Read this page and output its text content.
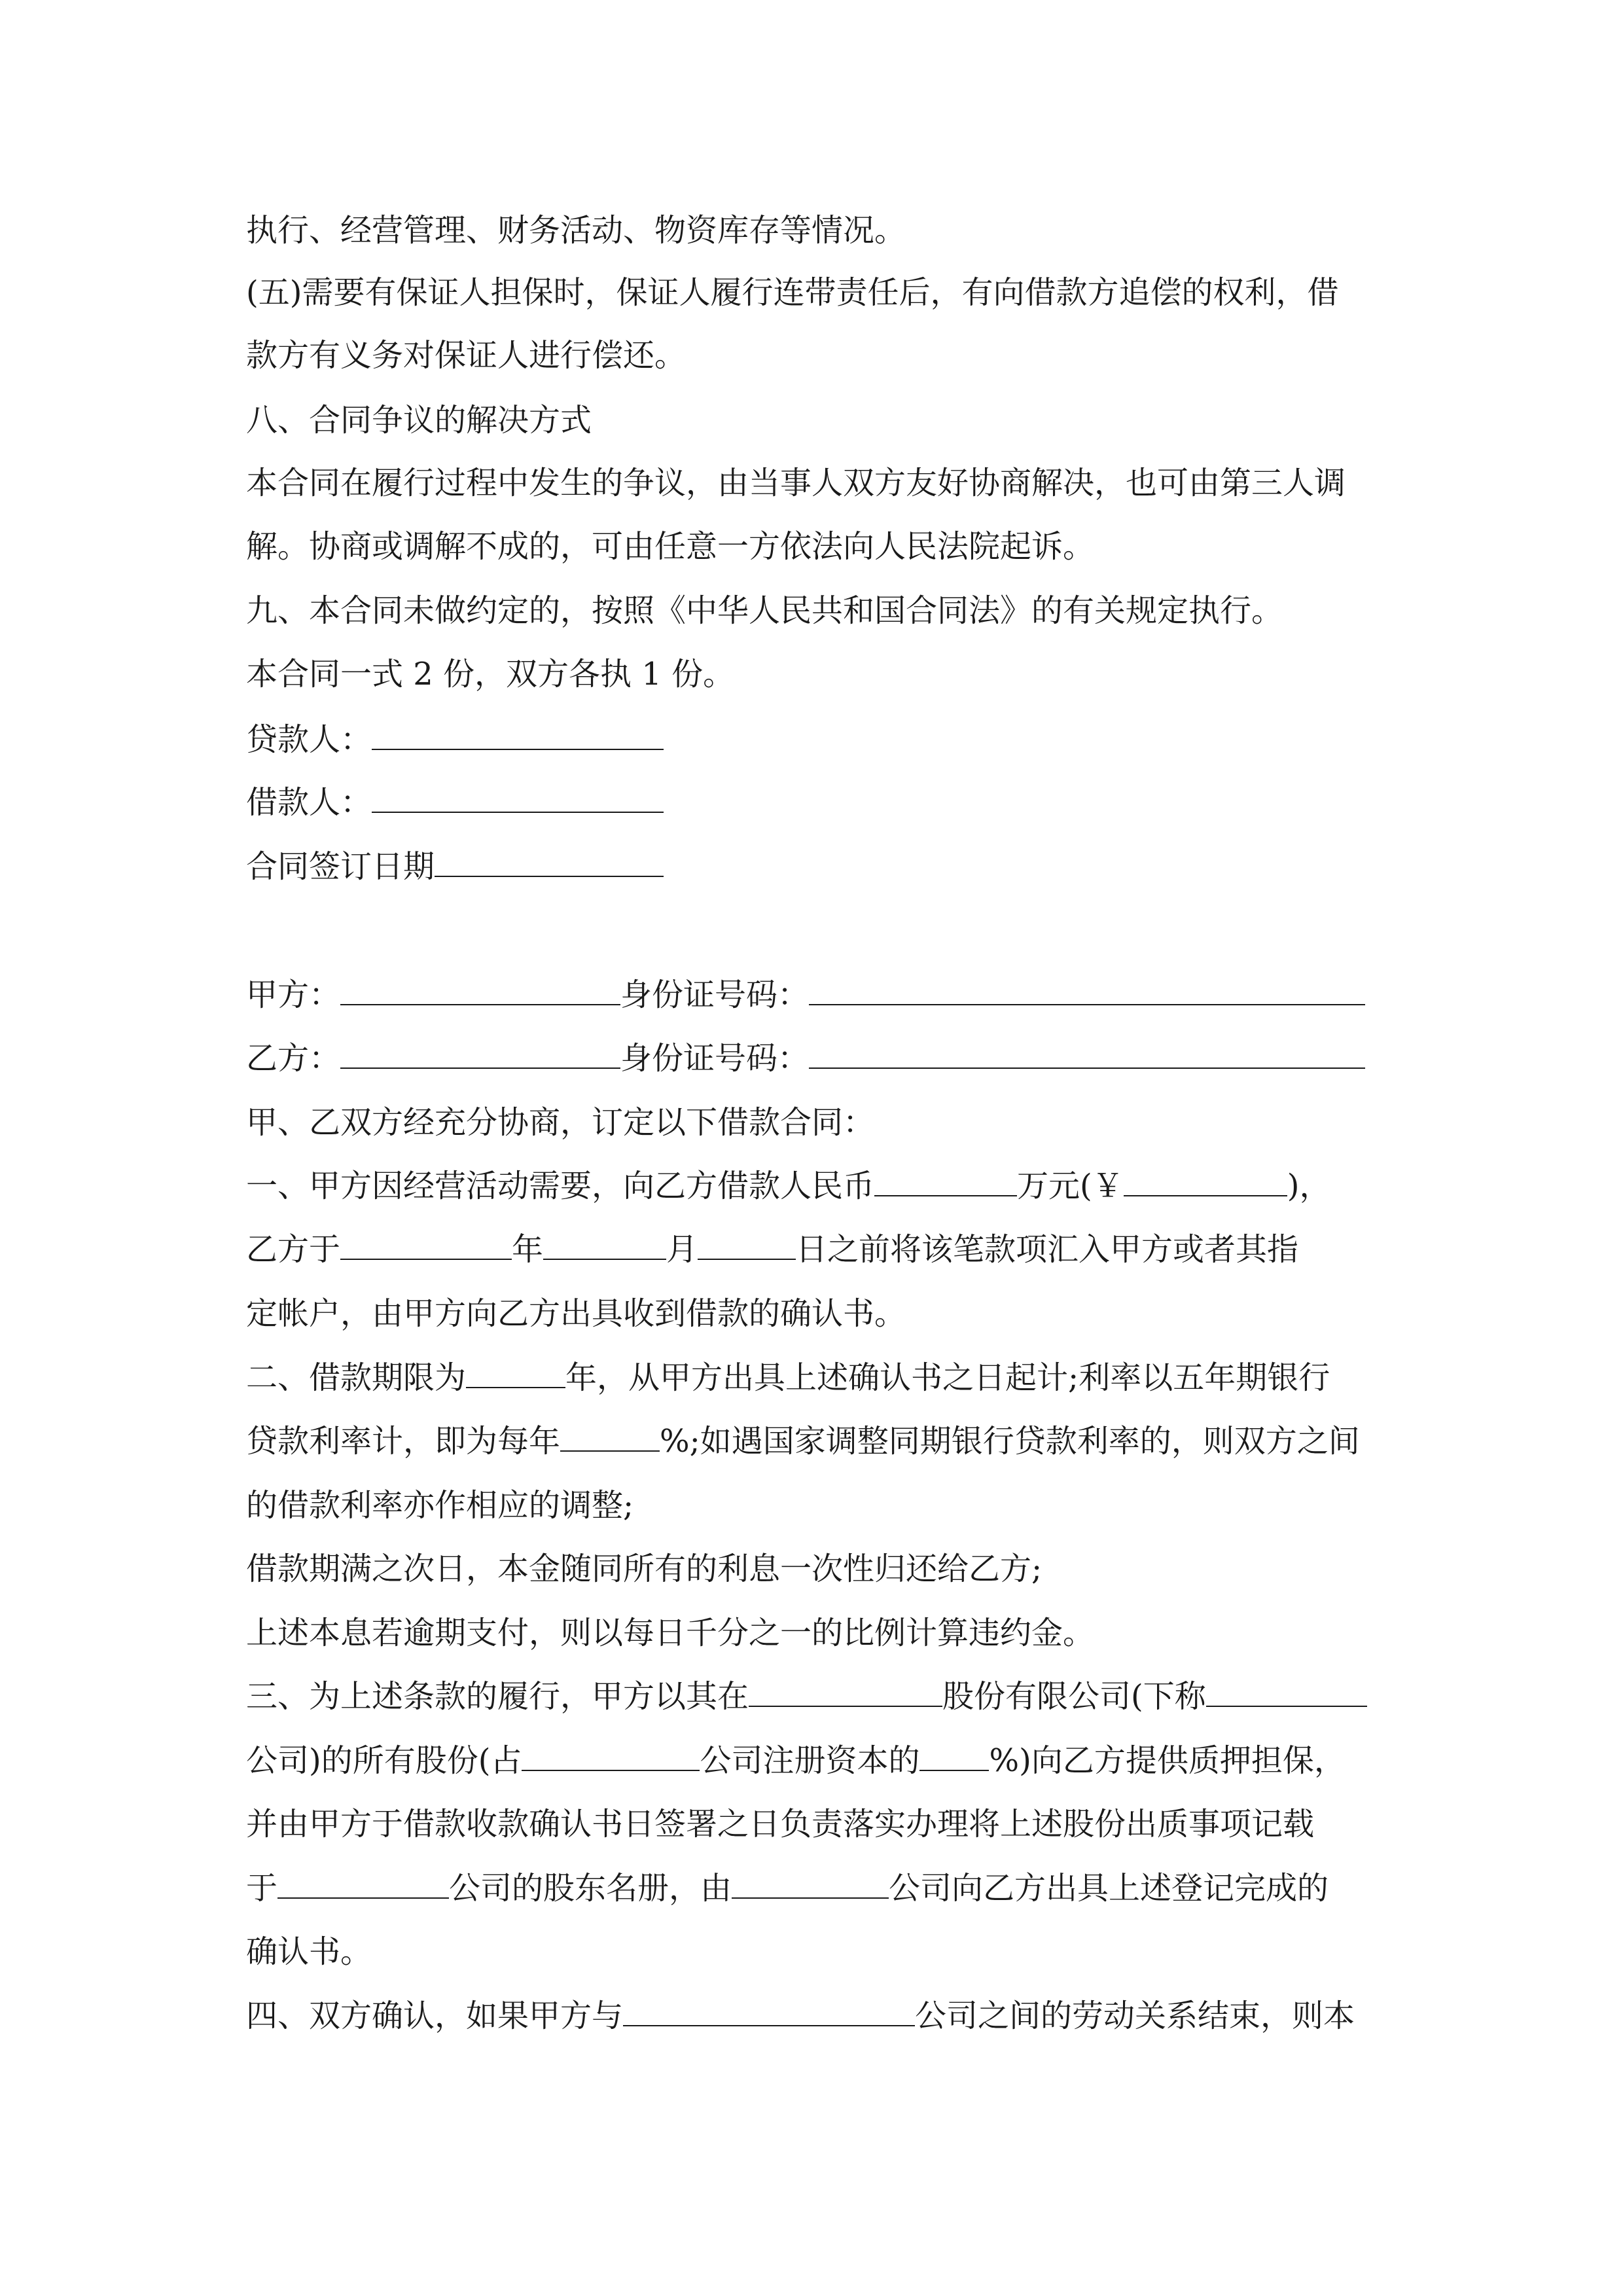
执行、经营管理、财务活动、物资库存等情况。
(五)需要有保证人担保时，保证人履行连带责任后，有向借款方追偿的权利，借
款方有义务对保证人进行偿还。
八、合同争议的解决方式
本合同在履行过程中发生的争议，由当事人双方友好协商解决，也可由第三人调
解。协商或调解不成的，可由任意一方依法向人民法院起诉。
九、本合同未做约定的，按照《中华人民共和国合同法》的有关规定执行。
本合同一式 2 份，双方各执 1 份。
贷款人：
借款人：
合同签订日期
甲方：	身份证号码：
乙方：	身份证号码：
甲、乙双方经充分协商，订定以下借款合同：
一、甲方因经营活动需要，向乙方借款人民币	万元(￥	)，
乙方于	年	月	日之前将该笔款项汇入甲方或者其指
定帐户，由甲方向乙方出具收到借款的确认书。
二、借款期限为	年，从甲方出具上述确认书之日起计;利率以五年期银行
贷款利率计，即为每年	%;如遇国家调整同期银行贷款利率的，则双方之间
的借款利率亦作相应的调整;
借款期满之次日，本金随同所有的利息一次性归还给乙方;
上述本息若逾期支付，则以每日千分之一的比例计算违约金。
三、为上述条款的履行，甲方以其在	股份有限公司(下称
公司)的所有股份(占	公司注册资本的 %)向乙方提供质押担保，
并由甲方于借款收款确认书日签署之日负责落实办理将上述股份出质事项记载
于	公司的股东名册，由	公司向乙方出具上述登记完成的
确认书。
四、双方确认，如果甲方与	公司之间的劳动关系结束，则本
